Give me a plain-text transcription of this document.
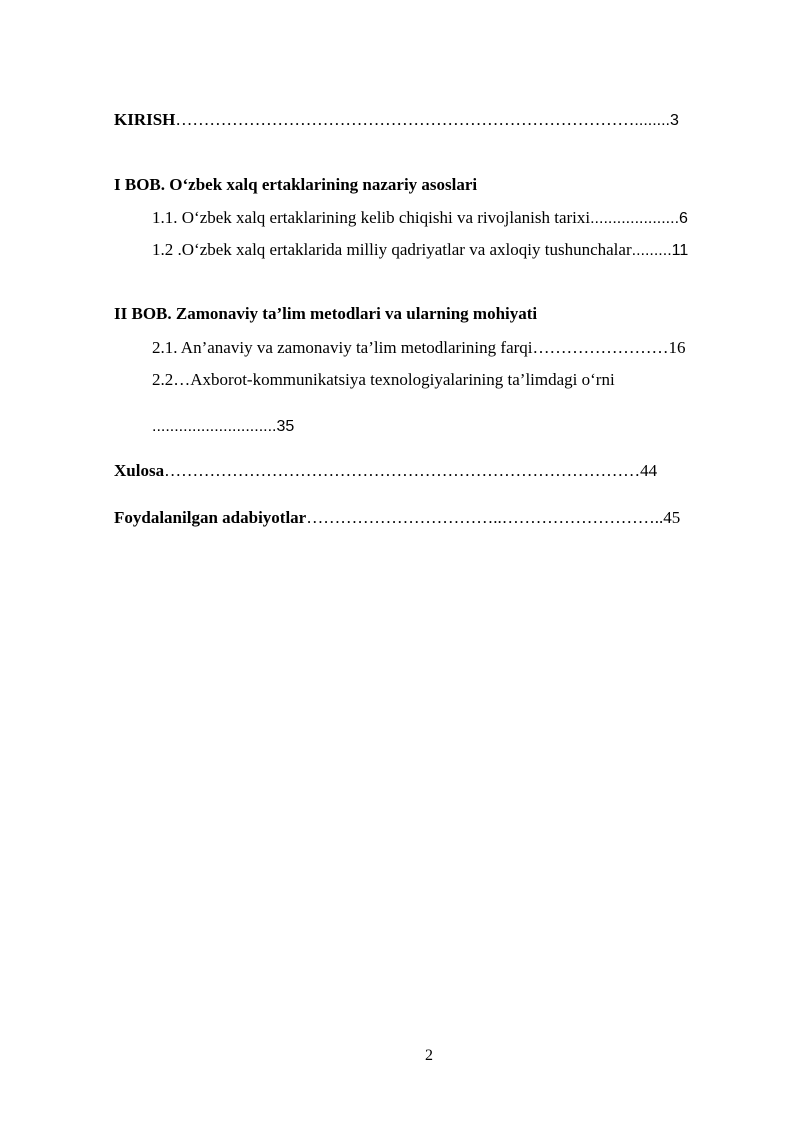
KIRISH………………………………………………………………………........3
I BOB. O‘zbek xalq ertaklarining nazariy asoslari
1.1. O‘zbek xalq ertaklarining kelib chiqishi va rivojlanish tarixi....................6
1.2 .O‘zbek xalq ertaklarida milliy qadriyatlar va axloqiy tushunchalar.........11
II BOB. Zamonaviy ta’lim metodlari va ularning mohiyati
2.1. An’anaviy va zamonaviy ta’lim metodlarining farqi……………………16
2.2…Axborot-kommunikatsiya texnologiyalarining ta’limdagi o‘rni
............................35
Xulosa…………………………………………………………………………44
Foydalanilgan adabiyotlar……………………………..………………………..45
2
